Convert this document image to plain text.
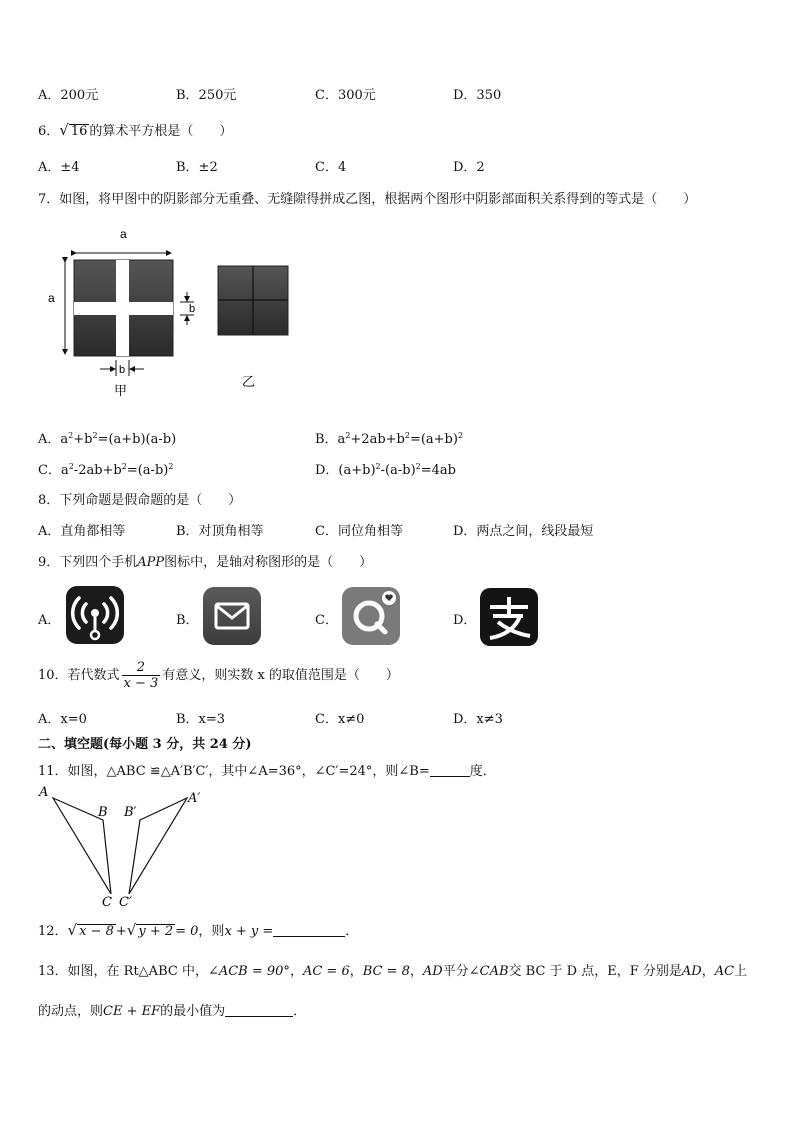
A．200元	B．250元	C．300元	D．350
6．√ 16 的算术平方根是（　　）
A．±4	B．±2	C．4	D．2
7．如图，将甲图中的阴影部分无重叠、无缝隙得拼成乙图，根据两个图形中阴影部面积关系得到的等式是（　　）
a
a
b
b
甲
乙
A．$a^2+b^2=(a+b)(a-b)$	B．$a^2+2ab+b^2=(a+b)^2$
C．$a^2-2ab+b^2=(a-b)^2$	D．$(a+b)^2-(a-b)^2=4ab$
8．下列命题是假命题的是（　　）
A．直角都相等	B．对顶角相等	C．同位角相等	D．两点之间，线段最短
9．下列四个手机APP图标中，是轴对称图形的是（　　）
A．	B．	C．	D．
10．若代数式 $\frac{2}{x - 3}$ 有意义，则实数 x 的取值范围是（　　）
A．x=0	B．x=3	C．x≠0	D．x≠3
二、填空题(每小题 3 分，共 24 分)
11．如图，△ABC ≌△A′B′C′，其中∠A=36°，∠C′=24°，则∠B=	度．
A
B
C
A′
B′
C′
12．√ x − 8 +√ y + 2 = 0，则x + y =	．
13．如图，在 Rt△ABC 中，∠ACB = 90°，AC = 6，BC = 8，AD平分∠CAB交 BC 于 D 点，E，F 分别是AD，AC上
的动点，则CE + EF的最小值为	．
